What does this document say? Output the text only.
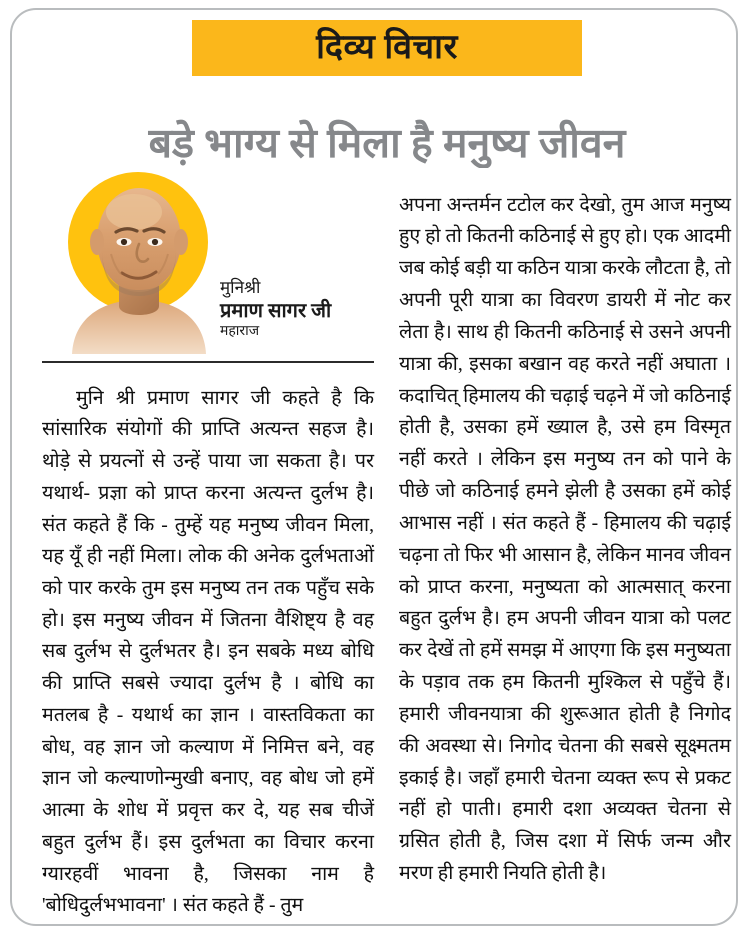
दिव्य विचार
बड़े भाग्य से मिला है मनुष्य जीवन
मुनिश्री
प्रमाण सागर जी
महाराज

मुनि श्री प्रमाण सागर जी कहते है कि सांसारिक संयोगों की प्राप्ति अत्यन्त सहज है। थोड़े से प्रयत्नों से उन्हें पाया जा सकता है। पर यथार्थ- प्रज्ञा को प्राप्त करना अत्यन्त दुर्लभ है। संत कहते हैं कि - तुम्हें यह मनुष्य जीवन मिला, यह यूँ ही नहीं मिला। लोक की अनेक दुर्लभताओं को पार करके तुम इस मनुष्य तन तक पहुँच सके हो। इस मनुष्य जीवन में जितना वैशिष्ट्य है वह सब दुर्लभ से दुर्लभतर है। इन सबके मध्य बोधि की प्राप्ति सबसे ज्यादा दुर्लभ है । बोधि का मतलब है - यथार्थ का ज्ञान । वास्तविकता का बोध, वह ज्ञान जो कल्याण में निमित्त बने, वह ज्ञान जो कल्याणोन्मुखी बनाए, वह बोध जो हमें आत्मा के शोध में प्रवृत्त कर दे, यह सब चीजें बहुत दुर्लभ हैं। इस दुर्लभता का विचार करना ग्यारहवीं भावना है, जिसका नाम है 'बोधिदुर्लभभावना' । संत कहते हैं - तुम

अपना अन्तर्मन टटोल कर देखो, तुम आज मनुष्य हुए हो तो कितनी कठिनाई से हुए हो। एक आदमी जब कोई बड़ी या कठिन यात्रा करके लौटता है, तो अपनी पूरी यात्रा का विवरण डायरी में नोट कर लेता है। साथ ही कितनी कठिनाई से उसने अपनी यात्रा की, इसका बखान वह करते नहीं अघाता । कदाचित् हिमालय की चढ़ाई चढ़ने में जो कठिनाई होती है, उसका हमें ख्याल है, उसे हम विस्मृत नहीं करते । लेकिन इस मनुष्य तन को पाने के पीछे जो कठिनाई हमने झेली है उसका हमें कोई आभास नहीं । संत कहते हैं - हिमालय की चढ़ाई चढ़ना तो फिर भी आसान है, लेकिन मानव जीवन को प्राप्त करना, मनुष्यता को आत्मसात् करना बहुत दुर्लभ है। हम अपनी जीवन यात्रा को पलट कर देखें तो हमें समझ में आएगा कि इस मनुष्यता के पड़ाव तक हम कितनी मुश्किल से पहुँचे हैं। हमारी जीवनयात्रा की शुरूआत होती है निगोद की अवस्था से। निगोद चेतना की सबसे सूक्ष्मतम इकाई है। जहाँ हमारी चेतना व्यक्त रूप से प्रकट नहीं हो पाती। हमारी दशा अव्यक्त चेतना से ग्रसित होती है, जिस दशा में सिर्फ जन्म और मरण ही हमारी नियति होती है।
